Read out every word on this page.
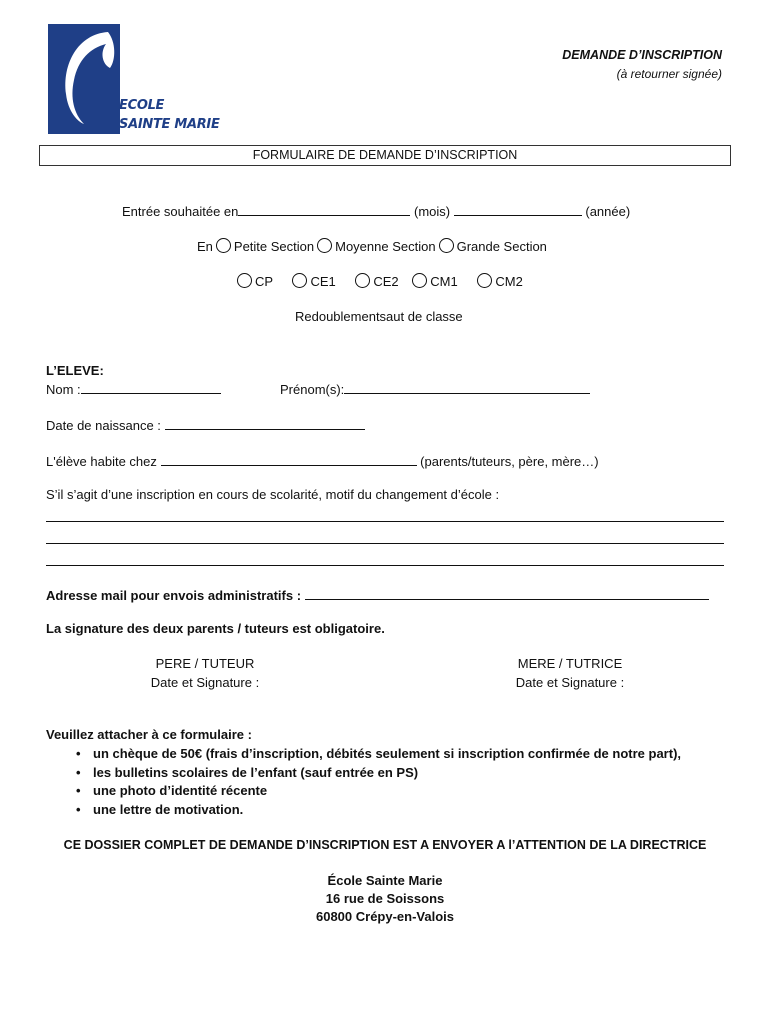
ECOLE
SAINTE MARIE
DEMANDE D’INSCRIPTION
(à retourner signée)
FORMULAIRE DE DEMANDE D’INSCRIPTION
Entrée souhaitée en	(mois)	(année)
En Petite Section Moyenne Section Grande Section
CP	CE1	CE2 CM1	CM2
Redoublementsaut de classe
L’ELEVE:
Nom :	Prénom(s):
Date de naissance :
L'élève habite chez	(parents/tuteurs, père, mère…)
S’il s’agit d’une inscription en cours de scolarité, motif du changement d’école :
Adresse mail pour envois administratifs :
La signature des deux parents / tuteurs est obligatoire.
PERE / TUTEUR
Date et Signature :
MERE / TUTRICE
Date et Signature :
Veuillez attacher à ce formulaire :
• un chèque de 50€ (frais d’inscription, débités seulement si inscription confirmée de notre part),
• les bulletins scolaires de l’enfant (sauf entrée en PS)
• une photo d’identité récente
• une lettre de motivation.
CE DOSSIER COMPLET DE DEMANDE D’INSCRIPTION EST A ENVOYER A l’ATTENTION DE LA DIRECTRICE
École Sainte Marie
16 rue de Soissons
60800 Crépy-en-Valois
